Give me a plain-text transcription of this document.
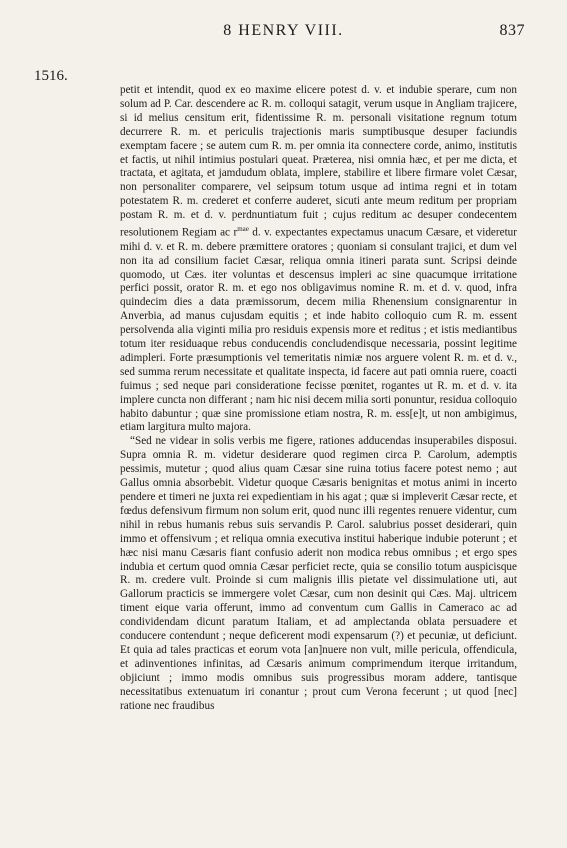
8 HENRY VIII.	837
1516.

petit et intendit, quod ex eo maxime elicere potest d. v. et indubie sperare, cum non solum ad P. Car. descendere ac R. m. colloqui satagit, verum usque in Angliam trajicere, si id melius censitum erit, fidentissime R. m. personali visitatione regnum totum decurrere R. m. et periculis trajectionis maris sumptibusque desuper faciundis exemptam facere ; se autem cum R. m. per omnia ita connectere corde, animo, institutis et factis, ut nihil intimius postulari queat. Præterea, nisi omnia hæc, et per me dicta, et tractata, et agitata, et jamdudum oblata, implere, stabilire et libere firmare volet Cæsar, non personaliter comparere, vel seipsum totum usque ad intima regni et in totam potestatem R. m. crederet et conferre auderet, sicuti ante meum reditum per propriam postam R. m. et d. v. perdnuntiatum fuit ; cujus reditum ac desuper condecentem resolutionem Regiam ac $r^{mae}$ d. v. expectantes expectamus unacum Cæsare, et videretur mihi d. v. et R. m. debere præmittere oratores ; quoniam si consulant trajici, et dum vel non ita ad consilium faciet Cæsar, reliqua omnia itineri parata sunt. Scripsi deinde quomodo, ut Cæs. iter voluntas et descensus impleri ac sine quacumque irritatione perfici possit, orator R. m. et ego nos obligavimus nomine R. m. et d. v. quod, infra quindecim dies a data præmissorum, decem milia Rhenensium consignarentur in Anverbia, ad manus cujusdam equitis ; et inde habito colloquio cum R. m. essent persolvenda alia viginti milia pro residuis expensis more et reditus ; et istis mediantibus totum iter residuaque rebus conducendis concludendisque necessaria, possint legitime adimpleri. Forte præsumptionis vel temeritatis nimiæ nos arguere volent R. m. et d. v., sed summa rerum necessitate et qualitate inspecta, id facere aut pati omnia ruere, coacti fuimus ; sed neque pari consideratione fecisse pœnitet, rogantes ut R. m. et d. v. ita implere cuncta non differant ; nam hic nisi decem milia sorti ponuntur, residua colloquio habito dabuntur ; quæ sine promissione etiam nostra, R. m. ess[e]t, ut non ambigimus, etiam largitura multo majora.

“Sed ne videar in solis verbis me figere, rationes adducendas insuperabiles disposui. Supra omnia R. m. videtur desiderare quod regimen circa P. Carolum, ademptis pessimis, mutetur ; quod alius quam Cæsar sine ruina totius facere potest nemo ; aut Gallus omnia absorbebit. Videtur quoque Cæsaris benignitas et motus animi in incerto pendere et timeri ne juxta rei expedientiam in his agat ; quæ si impleverit Cæsar recte, et fœdus defensivum firmum non solum erit, quod nunc illi regentes renuere videntur, cum nihil in rebus humanis rebus suis servandis P. Carol. salubrius posset desiderari, quin immo et offensivum ; et reliqua omnia executiva institui haberique indubie poterunt ; et hæc nisi manu Cæsaris fiant confusio aderit non modica rebus omnibus ; et ergo spes indubia et certum quod omnia Cæsar perficiet recte, quia se consilio totum auspicisque R. m. credere vult. Proinde si cum malignis illis pietate vel dissimulatione uti, aut Gallorum practicis se immergere volet Cæsar, cum non desinit qui Cæs. Maj. ultricem timent eique varia offerunt, immo ad conventum cum Gallis in Cameraco ac ad condividendam dicunt paratum Italiam, et ad amplectanda oblata persuadere et conducere contendunt ; neque deficerent modi expensarum (?) et pecuniæ, ut deficiunt. Et quia ad tales practicas et eorum vota [an]nuere non vult, mille pericula, offendicula, et adinventiones infinitas, ad Cæsaris animum comprimendum iterque irritandum, objiciunt ; immo modis omnibus suis progressibus moram addere, tantisque necessitatibus extenuatum iri conantur ; prout cum Verona fecerunt ; ut quod [nec] ratione nec fraudibus
